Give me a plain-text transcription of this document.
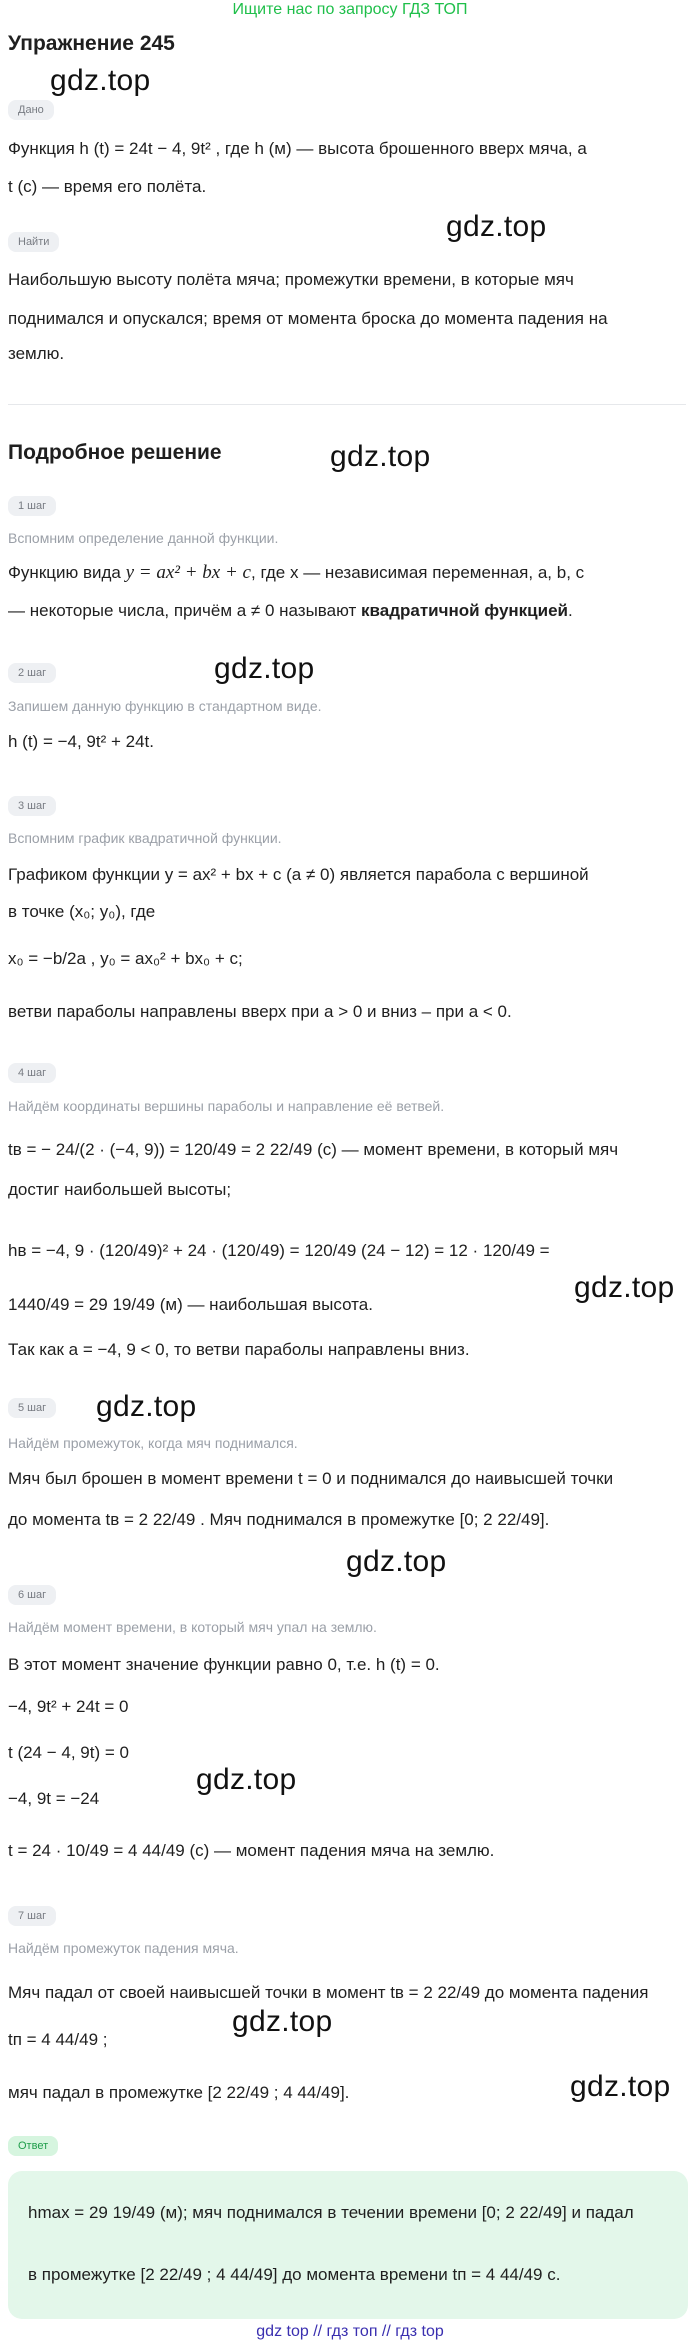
Ищите нас по запросу ГДЗ ТОП
Упражнение 245
gdz.top
gdz.top
gdz.top
gdz.top
gdz.top
gdz.top
gdz.top
gdz.top
gdz.top
gdz.top
Дано
Функция h (t) = 24t − 4, 9t² , где h (м) — высота брошенного вверх мяча, а
t (с) — время его полёта.
Найти
Наибольшую высоту полёта мяча; промежутки времени, в которые мяч
поднимался и опускался; время от момента броска до момента падения на
землю.
Подробное решение
1 шаг
Вспомним определение данной функции.
Функцию вида y = ax² + bx + c, где x — независимая переменная, a, b, c
— некоторые числа, причём a ≠ 0 называют квадратичной функцией.
2 шаг
Запишем данную функцию в стандартном виде.
h (t) = −4, 9t² + 24t.
3 шаг
Вспомним график квадратичной функции.
Графиком функции y = ax² + bx + c (a ≠ 0) является парабола с вершиной
в точке (x₀; y₀), где
x₀ = −b/2a , y₀ = ax₀² + bx₀ + c;
ветви параболы направлены вверх при a > 0 и вниз – при a < 0.
4 шаг
Найдём координаты вершины параболы и направление её ветвей.
tв = − 24/(2 · (−4, 9)) = 120/49 = 2 22/49 (с) — момент времени, в который мяч
достиг наибольшей высоты;
hв = −4, 9 · (120/49)² + 24 · (120/49) = 120/49 (24 − 12) = 12 · 120/49 =
1440/49 = 29 19/49 (м) — наибольшая высота.
Так как a = −4, 9 < 0, то ветви параболы направлены вниз.
5 шаг
Найдём промежуток, когда мяч поднимался.
Мяч был брошен в момент времени t = 0 и поднимался до наивысшей точки
до момента tв = 2 22/49 . Мяч поднимался в промежутке [0; 2 22/49].
6 шаг
Найдём момент времени, в который мяч упал на землю.
В этот момент значение функции равно 0, т.е. h (t) = 0.
−4, 9t² + 24t = 0
t (24 − 4, 9t) = 0
−4, 9t = −24
t = 24 · 10/49 = 4 44/49 (с) — момент падения мяча на землю.
7 шаг
Найдём промежуток падения мяча.
Мяч падал от своей наивысшей точки в момент tв = 2 22/49 до момента падения
tп = 4 44/49 ;
мяч падал в промежутке [2 22/49 ; 4 44/49].
Ответ
hmax = 29 19/49 (м); мяч поднимался в течении времени [0; 2 22/49] и падал
в промежутке [2 22/49 ; 4 44/49] до момента времени tп = 4 44/49 с.
gdz top // гдз топ // гдз top
